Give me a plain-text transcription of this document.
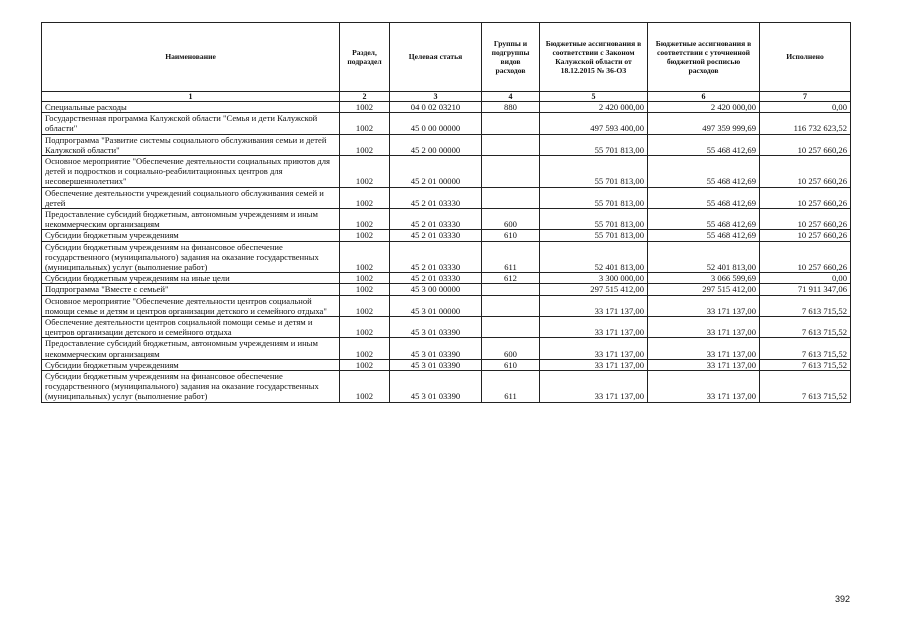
Наименование	Раздел, подраздел	Целевая статья	Группы и подгруппы видов расходов	Бюджетные ассигнования в соответствии с Законом Калужской области от 18.12.2015 № 36-ОЗ	Бюджетные ассигнования в соответствии с уточненной бюджетной росписью расходов	Исполнено
1	2	3	4	5	6	7
Специальные расходы	1002	04 0 02 03210	880	2 420 000,00	2 420 000,00	0,00
Государственная программа Калужской области "Семья и дети Калужской области"	1002	45 0 00 00000		497 593 400,00	497 359 999,69	116 732 623,52
Подпрограмма "Развитие системы социального обслуживания семьи и детей Калужской области"	1002	45 2 00 00000		55 701 813,00	55 468 412,69	10 257 660,26
Основное мероприятие "Обеспечение деятельности социальных приютов для детей и подростков и социально-реабилитационных центров для несовершеннолетних"	1002	45 2 01 00000		55 701 813,00	55 468 412,69	10 257 660,26
Обеспечение деятельности учреждений социального обслуживания семей и детей	1002	45 2 01 03330		55 701 813,00	55 468 412,69	10 257 660,26
Предоставление субсидий бюджетным, автономным учреждениям и иным некоммерческим организациям	1002	45 2 01 03330	600	55 701 813,00	55 468 412,69	10 257 660,26
Субсидии бюджетным учреждениям	1002	45 2 01 03330	610	55 701 813,00	55 468 412,69	10 257 660,26
Субсидии бюджетным учреждениям на финансовое обеспечение государственного (муниципального) задания на оказание государственных (муниципальных) услуг (выполнение работ)	1002	45 2 01 03330	611	52 401 813,00	52 401 813,00	10 257 660,26
Субсидии бюджетным учреждениям на иные цели	1002	45 2 01 03330	612	3 300 000,00	3 066 599,69	0,00
Подпрограмма "Вместе с семьей"	1002	45 3 00 00000		297 515 412,00	297 515 412,00	71 911 347,06
Основное мероприятие "Обеспечение деятельности центров социальной помощи семье и детям и центров организации детского и семейного отдыха"	1002	45 3 01 00000		33 171 137,00	33 171 137,00	7 613 715,52
Обеспечение деятельности центров социальной помощи семье и детям и центров организации детского и семейного отдыха	1002	45 3 01 03390		33 171 137,00	33 171 137,00	7 613 715,52
Предоставление субсидий бюджетным, автономным учреждениям и иным некоммерческим организациям	1002	45 3 01 03390	600	33 171 137,00	33 171 137,00	7 613 715,52
Субсидии бюджетным учреждениям	1002	45 3 01 03390	610	33 171 137,00	33 171 137,00	7 613 715,52
Субсидии бюджетным учреждениям на финансовое обеспечение государственного (муниципального) задания на оказание государственных (муниципальных) услуг (выполнение работ)	1002	45 3 01 03390	611	33 171 137,00	33 171 137,00	7 613 715,52
392
